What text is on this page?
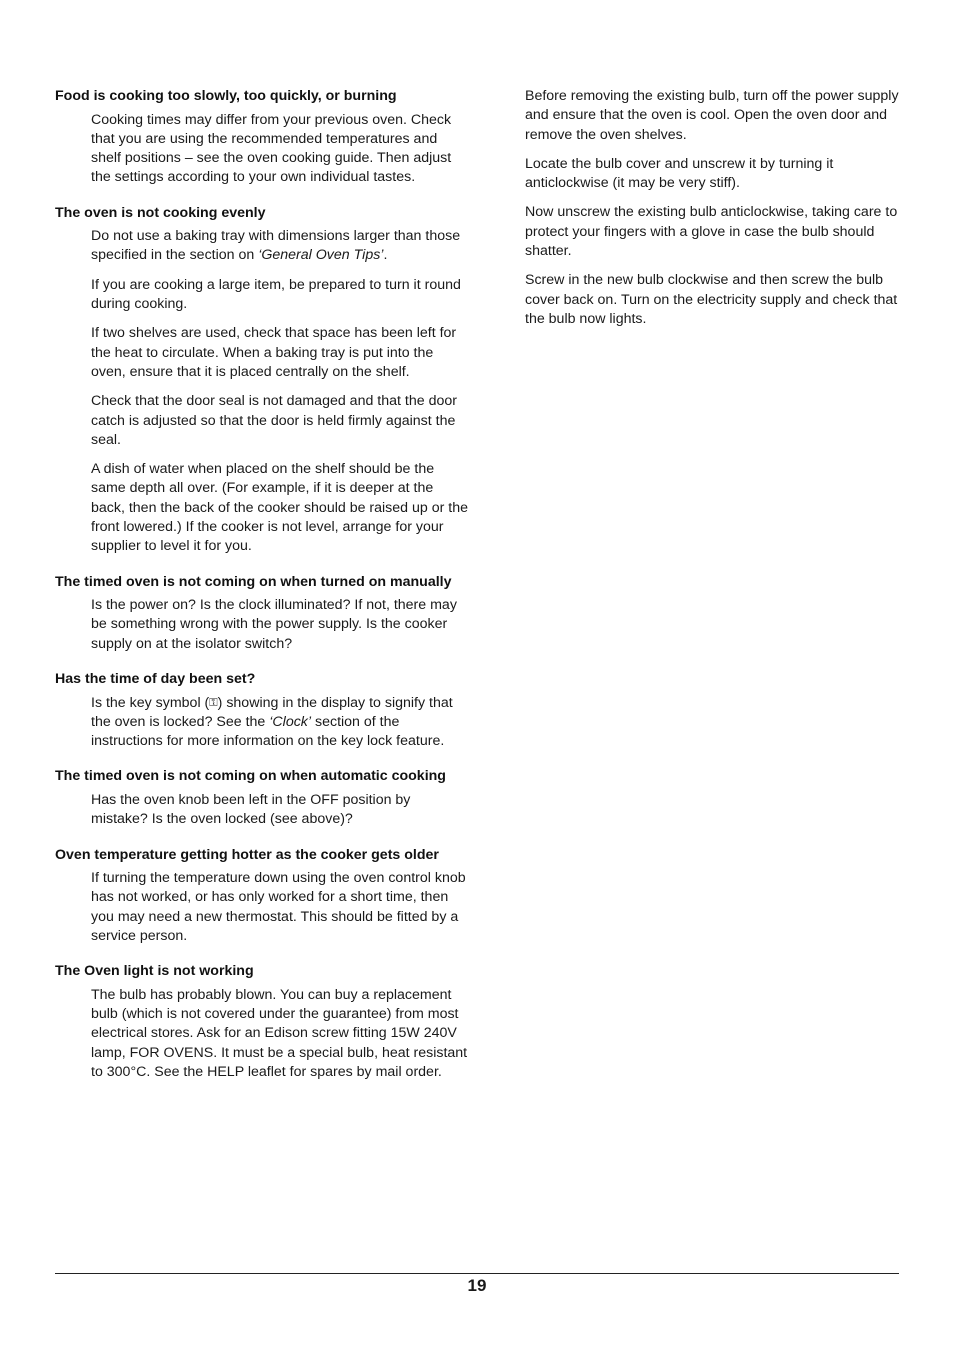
Food is cooking too slowly, too quickly, or burning
Cooking times may differ from your previous oven. Check that you are using the recommended temperatures and shelf positions – see the oven cooking guide. Then adjust the settings according to your own individual tastes.
The oven is not cooking evenly
Do not use a baking tray with dimensions larger than those specified in the section on ‘General Oven Tips’.
If you are cooking a large item, be prepared to turn it round during cooking.
If two shelves are used, check that space has been left for the heat to circulate. When a baking tray is put into the oven, ensure that it is placed centrally on the shelf.
Check that the door seal is not damaged and that the door catch is adjusted so that the door is held firmly against the seal.
A dish of water when placed on the shelf should be the same depth all over. (For example, if it is deeper at the back, then the back of the cooker should be raised up or the front lowered.) If the cooker is not level, arrange for your supplier to level it for you.
The timed oven is not coming on when turned on manually
Is the power on? Is the clock illuminated? If not, there may be something wrong with the power supply. Is the cooker supply on at the isolator switch?
Has the time of day been set?
Is the key symbol (⚿) showing in the display to signify that the oven is locked? See the ‘Clock’ section of the instructions for more information on the key lock feature.
The timed oven is not coming on when automatic cooking
Has the oven knob been left in the OFF position by mistake? Is the oven locked (see above)?
Oven temperature getting hotter as the cooker gets older
If turning the temperature down using the oven control knob has not worked, or has only worked for a short time, then you may need a new thermostat. This should be fitted by a service person.
The Oven light is not working
The bulb has probably blown. You can buy a replacement bulb (which is not covered under the guarantee) from most electrical stores. Ask for an Edison screw fitting 15W 240V lamp, FOR OVENS. It must be a special bulb, heat resistant to 300°C. See the HELP leaflet for spares by mail order.
Before removing the existing bulb, turn off the power supply and ensure that the oven is cool. Open the oven door and remove the oven shelves.
Locate the bulb cover and unscrew it by turning it anticlockwise (it may be very stiff).
Now unscrew the existing bulb anticlockwise, taking care to protect your fingers with a glove in case the bulb should shatter.
Screw in the new bulb clockwise and then screw the bulb cover back on. Turn on the electricity supply and check that the bulb now lights.
19
